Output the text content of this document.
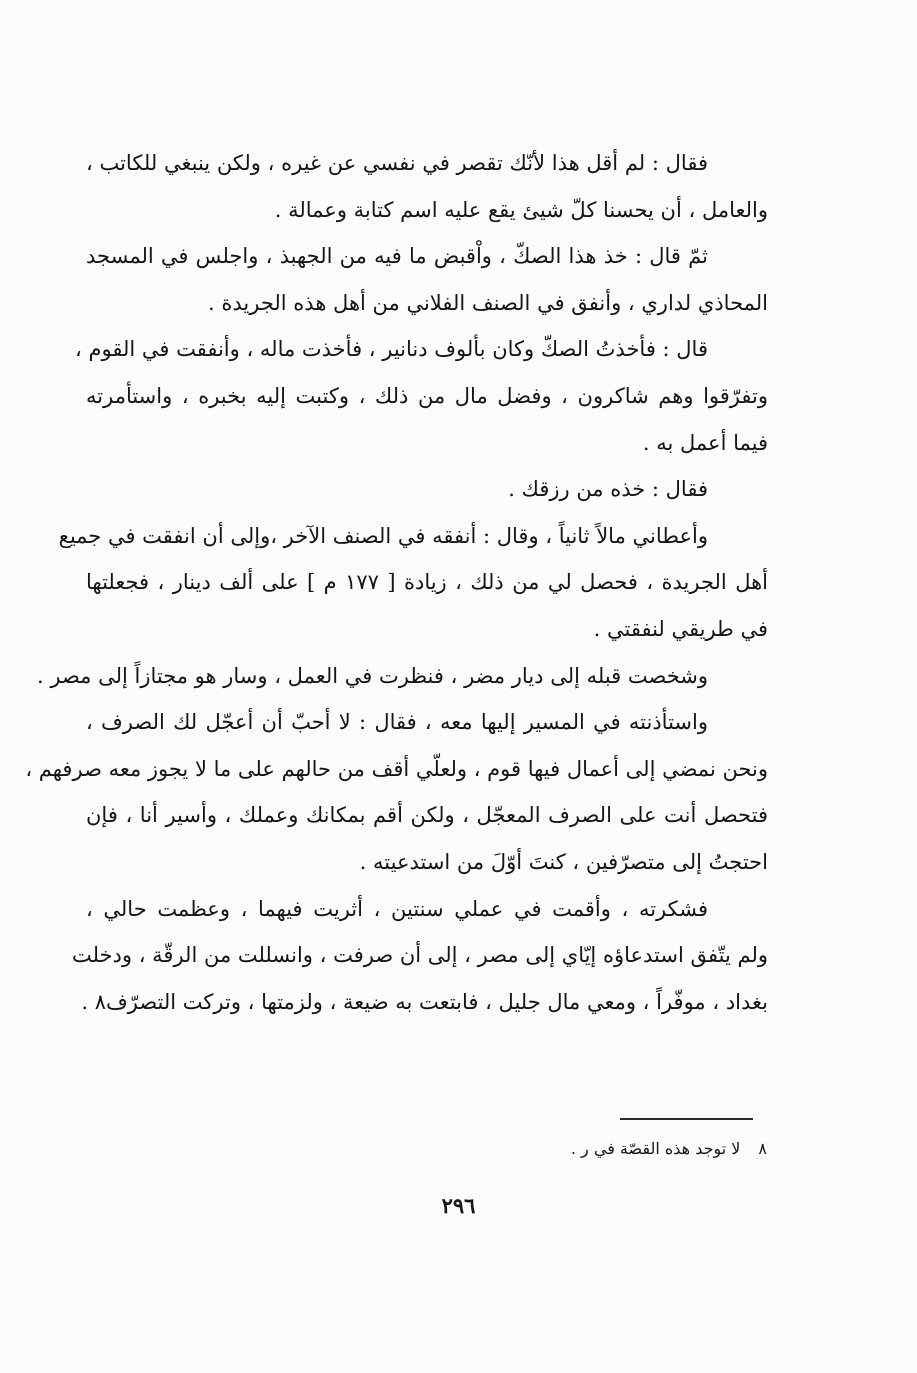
فقال : لم أقل هذا لأنّك تقصر في نفسي عن غيره ، ولكن ينبغي للكاتب ،
والعامل ، أن يحسنا كلّ شيئ يقع عليه اسم كتابة وعمالة .
ثمّ قال : خذ هذا الصكّ ، واْقبض ما فيه من الجهبذ ، واجلس في المسجد
المحاذي لداري ، وأنفق في الصنف الفلاني من أهل هذه الجريدة .
قال : فأخذتُ الصكّ وكان بألوف دنانير ، فأخذت ماله ، وأنفقت في القوم ،
وتفرّقوا وهم شاكرون ، وفضل مال من ذلك ، وكتبت إليه بخبره ، واستأمرته
فيما أعمل به .
فقال : خذه من رزقك .
وأعطاني مالاً ثانياً ، وقال : أنفقه في الصنف الآخر ،وإلى أن انفقت في جميع
أهل الجريدة ، فحصل لي من ذلك ، زيادة [ ١٧٧ م ] على ألف دينار ، فجعلتها
في طريقي لنفقتي .
وشخصت قبله إلى ديار مضر ، فنظرت في العمل ، وسار هو مجتازاً إلى مصر .
واستأذنته في المسير إليها معه ، فقال : لا أحبّ أن أعجّل لك الصرف ،
ونحن نمضي إلى أعمال فيها قوم ، ولعلّي أقف من حالهم على ما لا يجوز معه صرفهم ،
فتحصل أنت على الصرف المعجّل ، ولكن أقم بمكانك وعملك ، وأسير أنا ، فإن
احتجتُ إلى متصرّفين ، كنتَ أوّلَ من استدعيته .
فشكرته ، وأقمت في عملي سنتين ، أثريت فيهما ، وعظمت حالي ،
ولم يتّفق استدعاؤه إيّاي إلى مصر ، إلى أن صرفت ، وانسللت من الرقّة ، ودخلت
بغداد ، موفّراً ، ومعي مال جليل ، فابتعت به ضيعة ، ولزمتها ، وتركت التصرّف٨ .
٨لا توجد هذه القصّة في ر .
٢٩٦
